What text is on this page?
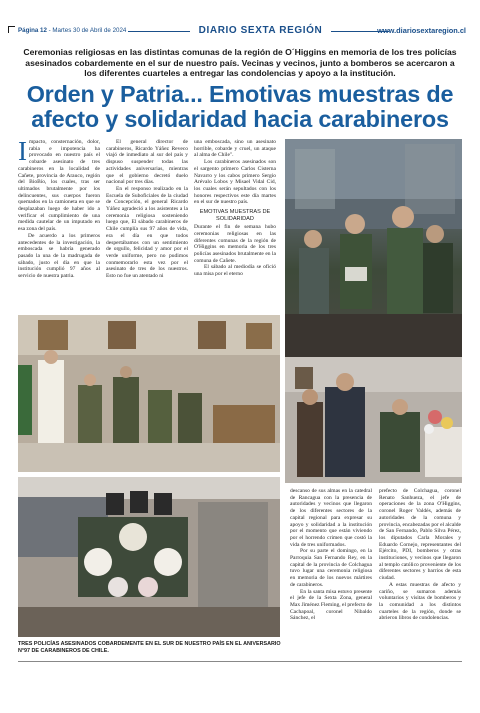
Página 12 - Martes 30 de Abril de 2024	DIARIO SEXTA REGIÓN	www.diariosextaregion.cl
Ceremonias religiosas en las distintas comunas de la región de O´Higgins en memoria de los tres policías asesinados cobardemente en el sur de nuestro país. Vecinas y vecinos, junto a bomberos se acercaron a los diferentes cuarteles a entregar las condolencias y apoyo a la institución.
Orden y Patria... Emotivas muestras de
afecto y solidaridad hacia carabineros

Impacto, consternación, dolor, rabia e impotencia ha provocado en nuestro país el cobarde asesinato de tres carabineros en la localidad de Cañete, provincia de Arauco, región del BioBío, los cuales, tras ser ultimados brutalmente por los delincuentes, sus cuerpos fueron quemados en la camioneta en que se desplazaban luego de haber ido a verificar el cumplimiento de una medida cautelar de un imputado en esa zona del país.

De acuerdo a los primeros antecedentes de la investigación, la emboscada se habría generado pasado la una de la madrugada de sábado, justo el día en que la institución cumplió 97 años al servicio de nuestra patria.

El general director de carabineros, Ricardo Yáñez Reveco viajó de inmediato al sur del país y dispuso suspender todas las actividades aniversarias, mientras que el gobierno decretó duelo nacional por tres días.

En el responso realizado en la Escuela de Suboficiales de la ciudad de Concepción, el general Ricardo Yáñez agradeció a los asistentes a la ceremonia religiosa sosteniendo luego que, El sábado carabineros de Chile cumplía sus 97 años de vida, era el día en que todos despertábamos con un sentimiento de orgullo, felicidad y amor por el verde uniforme, pero no pudimos conmemorarlo esta vez por el asesinato de tres de los nuestros. Esto no fue un atentado ni

una emboscada, sino un asesinato horrible, cobarde y cruel, un ataque al alma de Chile".

Los carabineros asesinados son el sargento primero Carlos Cisterna Navarro y los cabos primero Sergio Arévalo Lobos y Misael Vidal Cid, los cuales serán sepultados con los honores respectivos este día martes en el sur de nuestro país.

EMOTIVAS MUESTRAS DE
SOLIDARIDAD

Durante el fin de semana hubo ceremonias religiosas en las diferentes comunas de la región de O'Higgins en memoria de los tres policías asesinados brutalmente en la comuna de Cañete.

El sábado al mediodía se ofició una misa por el eterno

descanso de sus almas en la catedral de Rancagua con la presencia de autoridades y vecinos que llegaron de los diferentes sectores de la capital regional para expresar su apoyo y solidaridad a la institución por el momento que están viviendo por el horrendo crimen que costó la vida de tres uniformados.

Por su parte el domingo, en la Parroquia San Fernando Rey, en la capital de la provincia de Colchagua tuvo lugar una ceremonia religiosa en memoria de los nuevos mártires de carabineros.

En la santa misa estuvo presente el jefe de la Sexta Zona, general Max Jiménez Fleming, el prefecto de Cachapoal, coronel Nibaldo Sánchez, el

prefecto de Colchagua, coronel Renato Sanhueza, el jefe de operaciones de la zona O'Higgins, coronel Roger Valdés, además de autoridades de la comuna y provincia, encabezadas por el alcalde de San Fernando, Pablo Silva Pérez, los diputados Carla Morales y Eduardo Cornejo, representantes del Ejército, PDI, bomberos y otras instituciones, y vecinos que llegaron al templo católico proveniente de los diferentes sectores y barrios de esta ciudad.

A estas muestras de afecto y cariño, se sumaron además voluntarios y visitas de bomberos y la comunidad a los distintos cuarteles de la región, donde se abrieron libros de condolencias.

TRES POLICÍAS ASESINADOS COBARDEMENTE EN EL SUR DE NUESTRO PAÍS EN EL ANIVERSARIO N°97 DE CARABINEROS DE CHILE.
